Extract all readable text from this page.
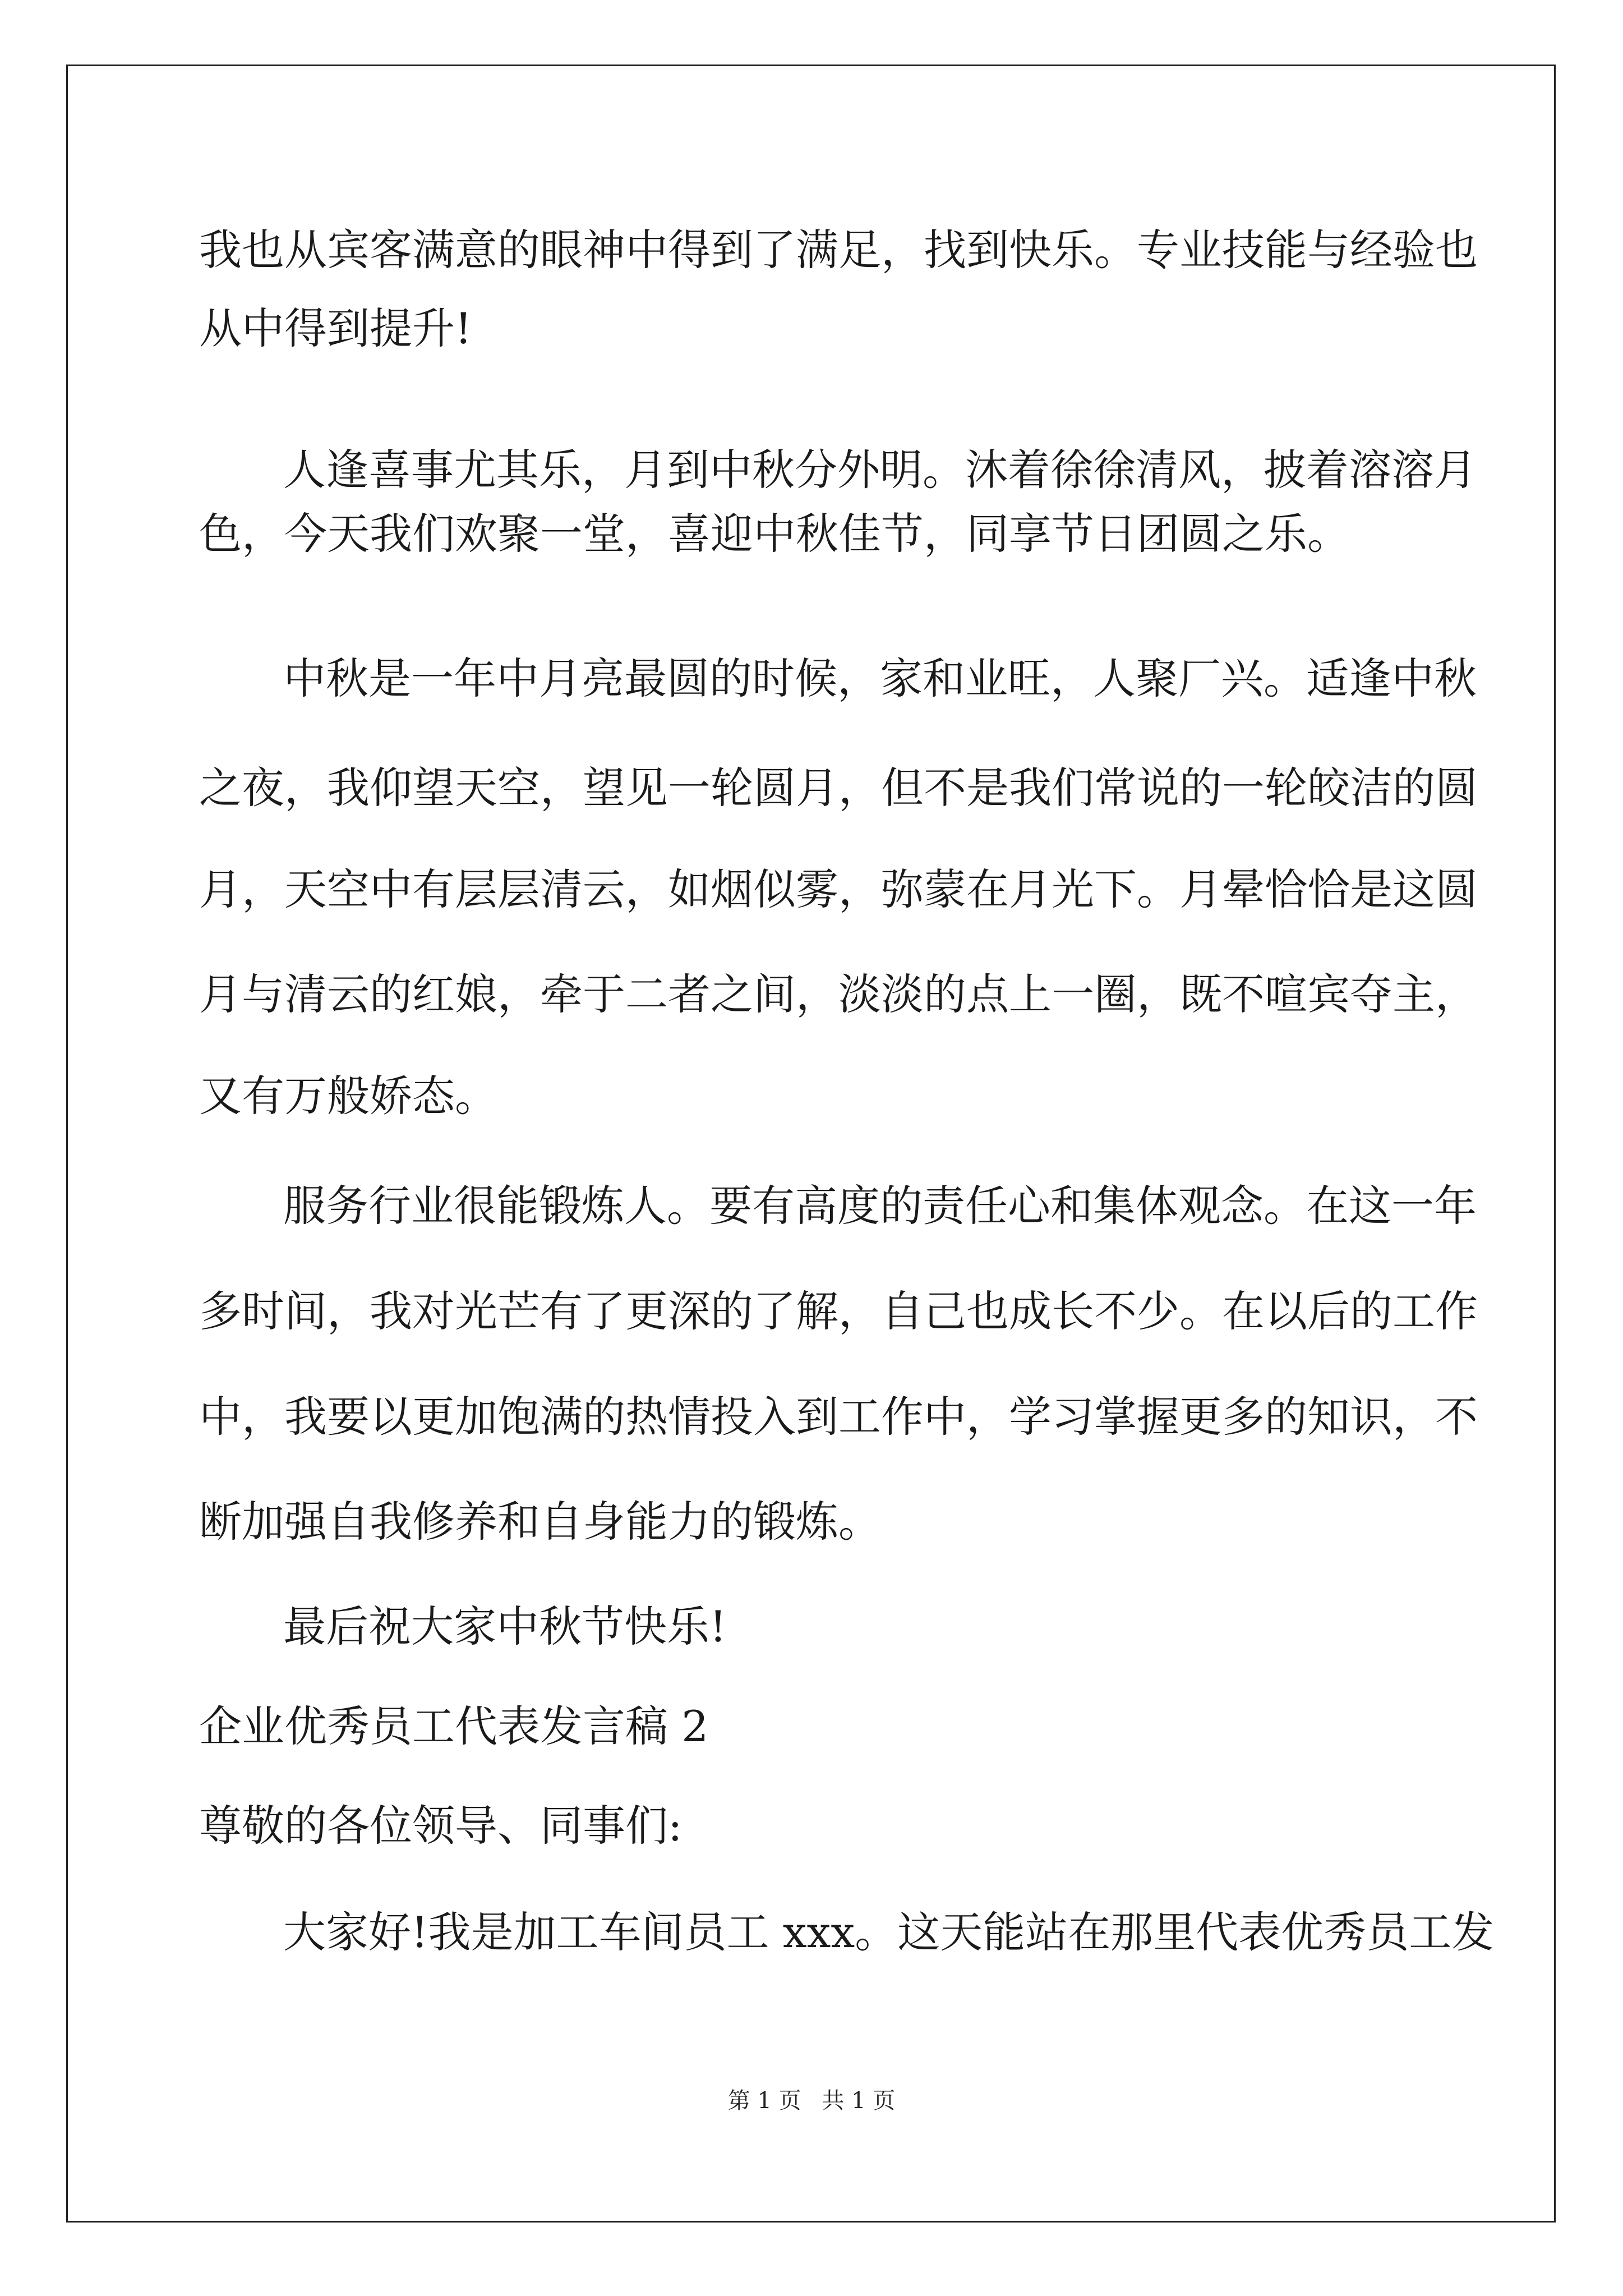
我也从宾客满意的眼神中得到了满足，找到快乐。专业技能与经验也

从中得到提升!

人逢喜事尤其乐，月到中秋分外明。沐着徐徐清风，披着溶溶月

色，今天我们欢聚一堂，喜迎中秋佳节，同享节日团圆之乐。

中秋是一年中月亮最圆的时候，家和业旺，人聚厂兴。适逢中秋

之夜，我仰望天空，望见一轮圆月，但不是我们常说的一轮皎洁的圆

月，天空中有层层清云，如烟似雾，弥蒙在月光下。月晕恰恰是这圆

月与清云的红娘，牵于二者之间，淡淡的点上一圈，既不喧宾夺主，

又有万般娇态。

服务行业很能锻炼人。要有高度的责任心和集体观念。在这一年

多时间，我对光芒有了更深的了解，自己也成长不少。在以后的工作

中，我要以更加饱满的热情投入到工作中，学习掌握更多的知识，不

断加强自我修养和自身能力的锻炼。

最后祝大家中秋节快乐!

企业优秀员工代表发言稿 2

尊敬的各位领导、同事们:

大家好!我是加工车间员工 xxx。这天能站在那里代表优秀员工发

第 1 页 共 1 页
